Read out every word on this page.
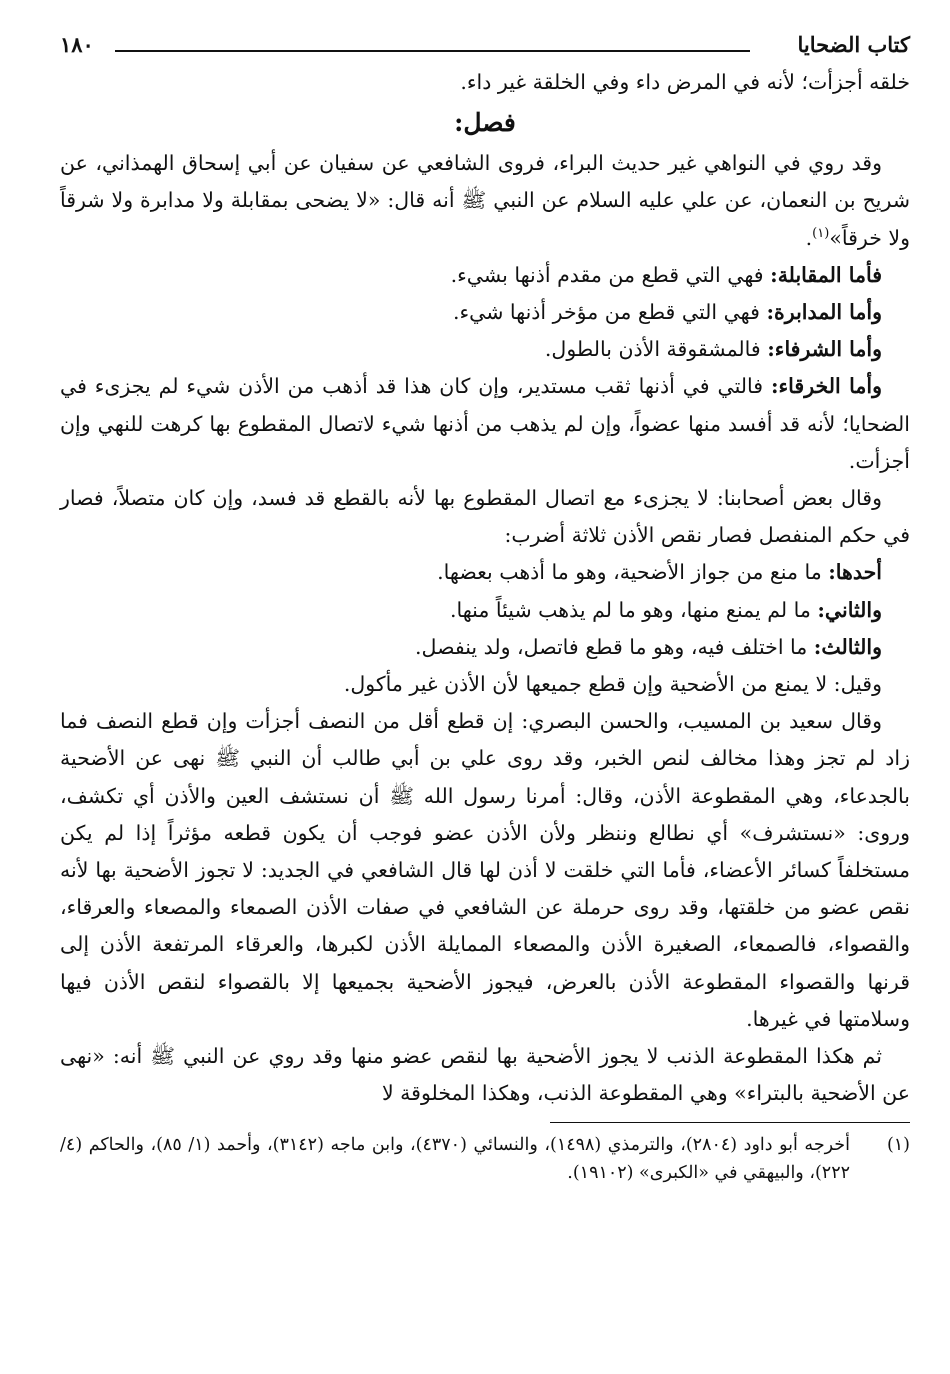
كتاب الضحايا
١٨٠

خلقه أجزأت؛ لأنه في المرض داء وفي الخلقة غير داء.

فصل:

وقد روي في النواهي غير حديث البراء، فروى الشافعي عن سفيان عن أبي إسحاق الهمذاني، عن شريح بن النعمان، عن علي عليه السلام عن النبي ﷺ أنه قال: «لا يضحى بمقابلة ولا مدابرة ولا شرقاً ولا خرقاً»$^{(١)}$.

فأما المقابلة: فهي التي قطع من مقدم أذنها بشيء.

وأما المدابرة: فهي التي قطع من مؤخر أذنها شيء.

وأما الشرفاء: فالمشقوقة الأذن بالطول.

وأما الخرقاء: فالتي في أذنها ثقب مستدير، وإن كان هذا قد أذهب من الأذن شيء لم يجزىء في الضحايا؛ لأنه قد أفسد منها عضواً، وإن لم يذهب من أذنها شيء لاتصال المقطوع بها كرهت للنهي وإن أجزأت.

وقال بعض أصحابنا: لا يجزىء مع اتصال المقطوع بها لأنه بالقطع قد فسد، وإن كان متصلاً، فصار في حكم المنفصل فصار نقص الأذن ثلاثة أضرب:

أحدها: ما منع من جواز الأضحية، وهو ما أذهب بعضها.

والثاني: ما لم يمنع منها، وهو ما لم يذهب شيئاً منها.

والثالث: ما اختلف فيه، وهو ما قطع فاتصل، ولد ينفصل.

وقيل: لا يمنع من الأضحية وإن قطع جميعها لأن الأذن غير مأكول.

وقال سعيد بن المسيب، والحسن البصري: إن قطع أقل من النصف أجزأت وإن قطع النصف فما زاد لم تجز وهذا مخالف لنص الخبر، وقد روى علي بن أبي طالب أن النبي ﷺ نهى عن الأضحية بالجدعاء، وهي المقطوعة الأذن، وقال: أمرنا رسول الله ﷺ أن نستشف العين والأذن أي تكشف، وروى: «نستشرف» أي نطالع وننظر ولأن الأذن عضو فوجب أن يكون قطعه مؤثراً إذا لم يكن مستخلفاً كسائر الأعضاء، فأما التي خلقت لا أذن لها قال الشافعي في الجديد: لا تجوز الأضحية بها لأنه نقص عضو من خلقتها، وقد روى حرملة عن الشافعي في صفات الأذن الصمعاء والمصعاء والعرقاء، والقصواء، فالصمعاء، الصغيرة الأذن والمصعاء الممايلة الأذن لكبرها، والعرقاء المرتفعة الأذن إلى قرنها والقصواء المقطوعة الأذن بالعرض، فيجوز الأضحية بجميعها إلا بالقصواء لنقص الأذن فيها وسلامتها في غيرها.

ثم هكذا المقطوعة الذنب لا يجوز الأضحية بها لنقص عضو منها وقد روي عن النبي ﷺ أنه: «نهى عن الأضحية بالبتراء» وهي المقطوعة الذنب، وهكذا المخلوقة لا

(١)
أخرجه أبو داود (٢٨٠٤)، والترمذي (١٤٩٨)، والنسائي (٤٣٧٠)، وابن ماجه (٣١٤٢)، وأحمد (١/ ٨٥)، والحاكم (٤/ ٢٢٢)، والبيهقي في «الكبرى» (١٩١٠٢).
